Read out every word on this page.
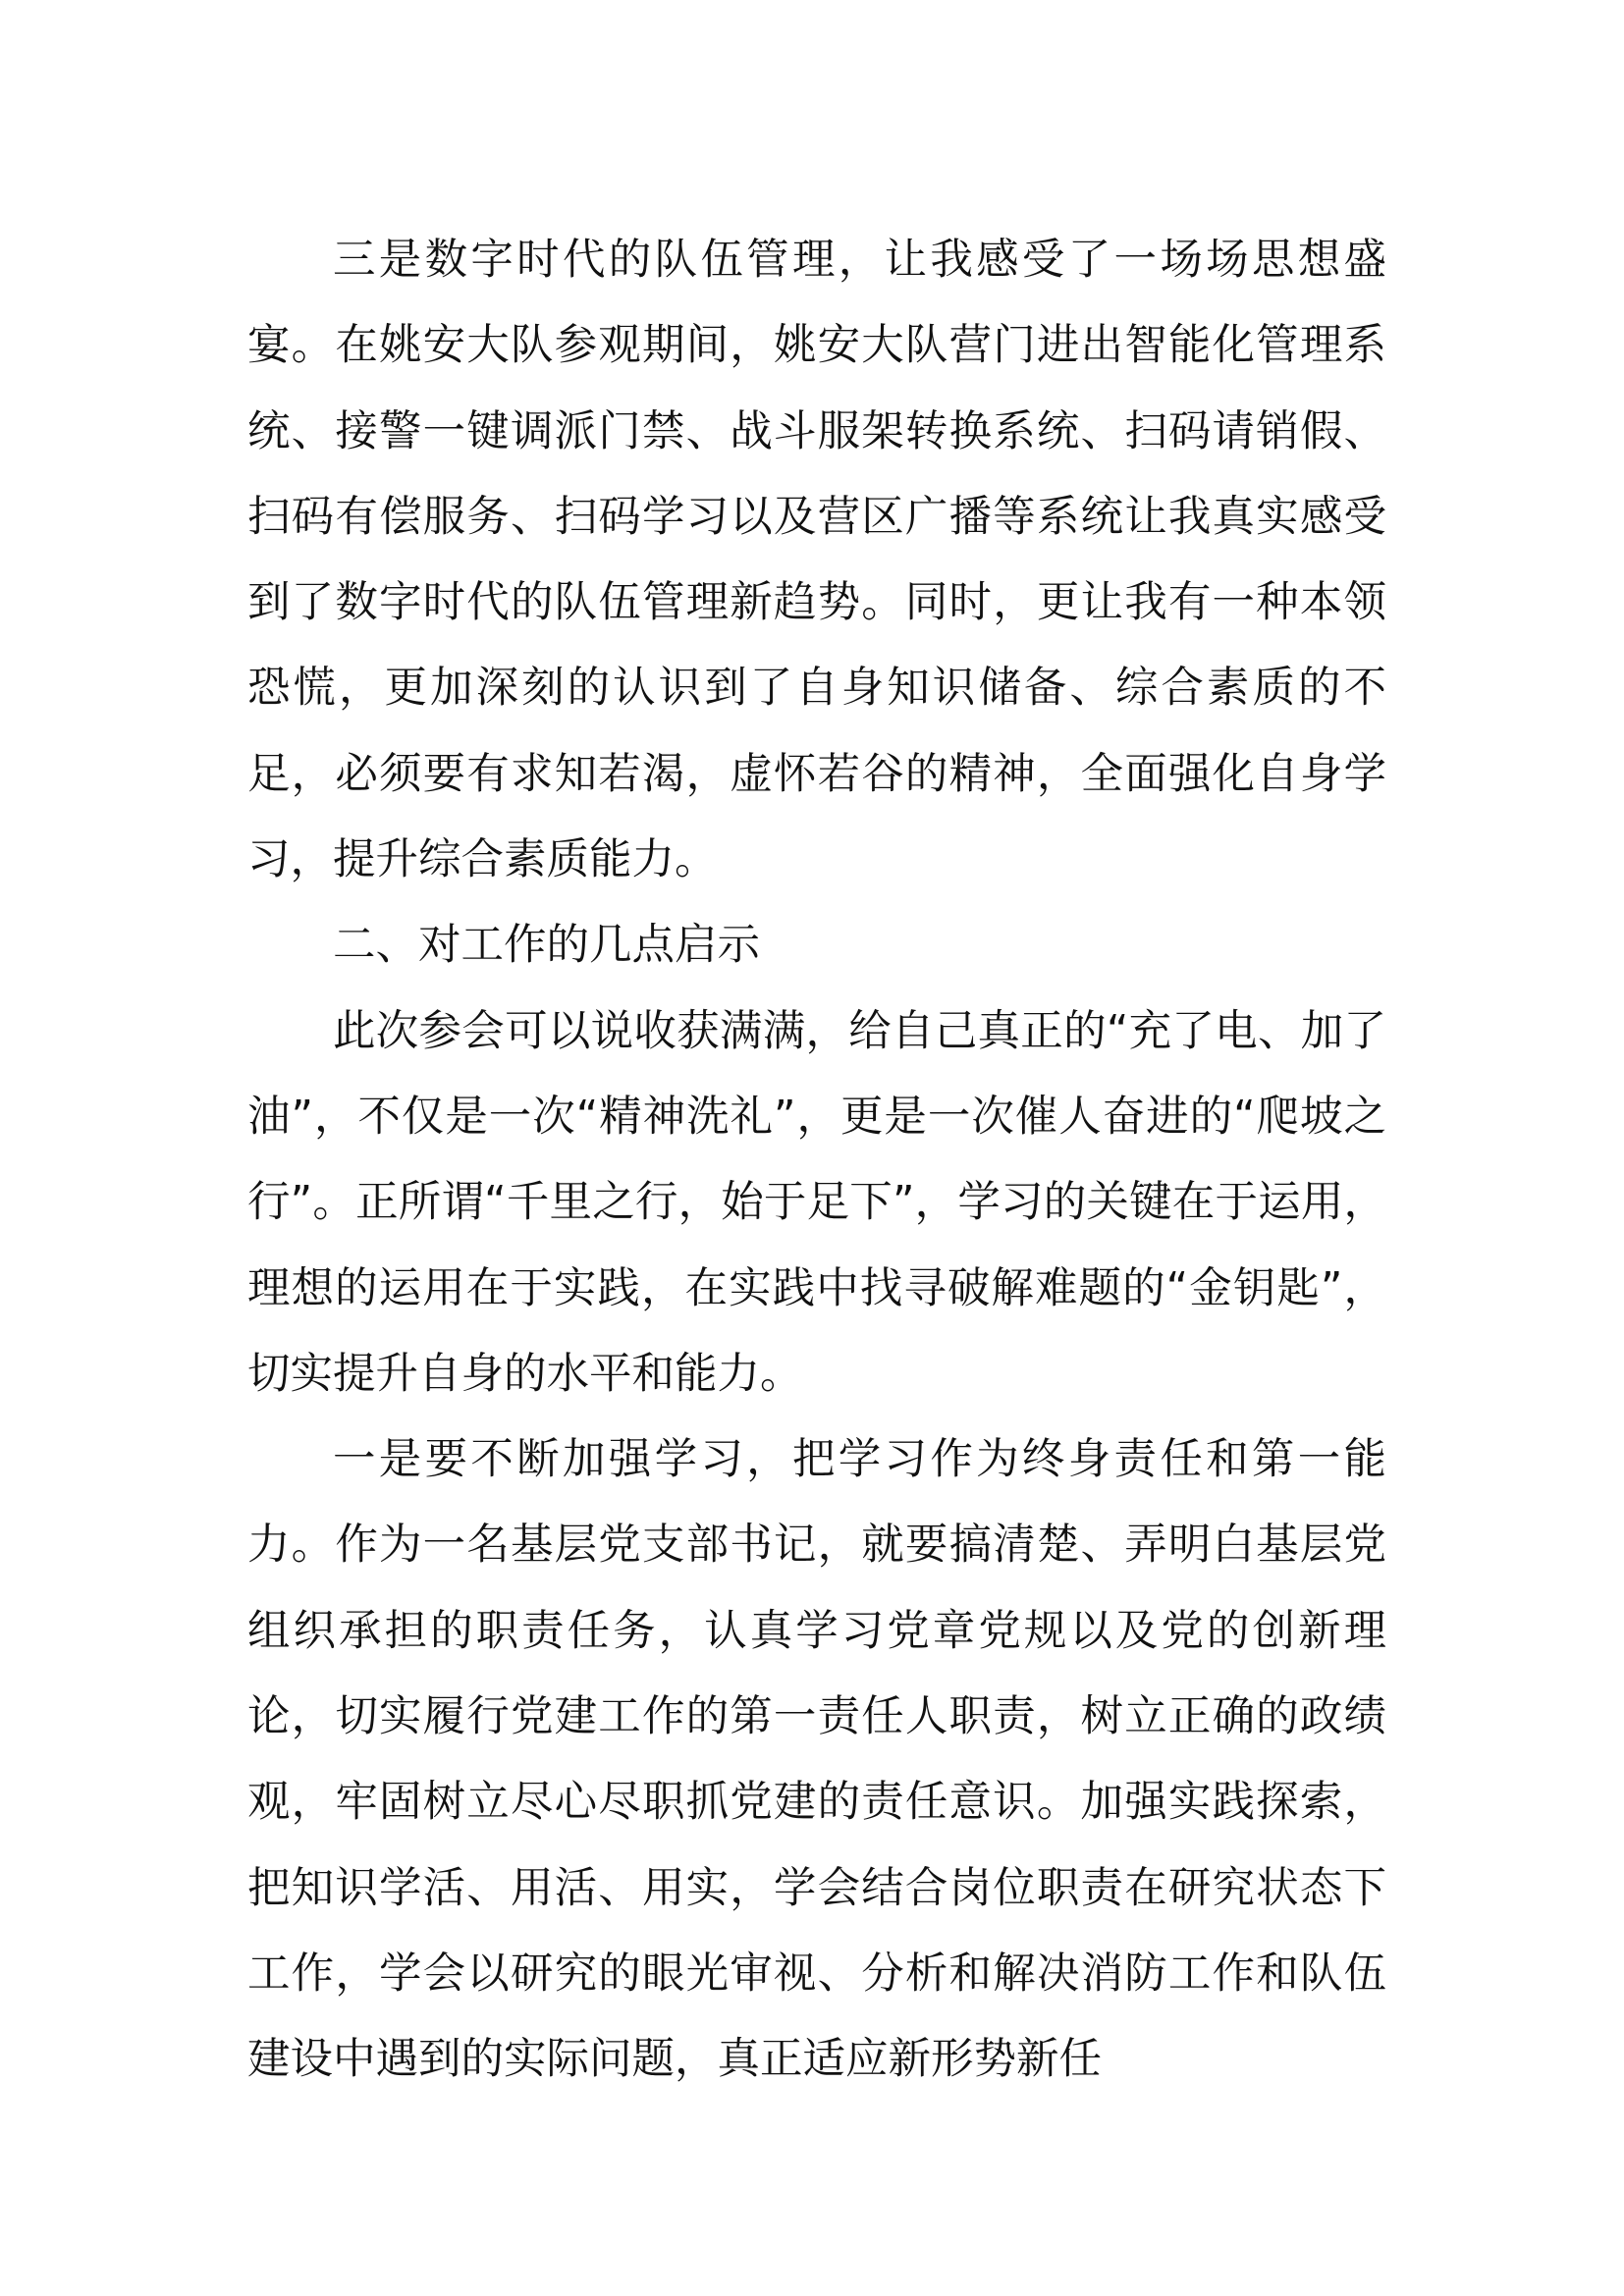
三是数字时代的队伍管理，让我感受了一场场思想盛宴。在姚安大队参观期间，姚安大队营门进出智能化管理系统、接警一键调派门禁、战斗服架转换系统、扫码请销假、扫码有偿服务、扫码学习以及营区广播等系统让我真实感受到了数字时代的队伍管理新趋势。同时，更让我有一种本领恐慌，更加深刻的认识到了自身知识储备、综合素质的不足，必须要有求知若渴，虚怀若谷的精神，全面强化自身学习，提升综合素质能力。

二、对工作的几点启示

此次参会可以说收获满满，给自己真正的“充了电、加了油”，不仅是一次“精神洗礼”，更是一次催人奋进的“爬坡之行”。正所谓“千里之行，始于足下”，学习的关键在于运用，理想的运用在于实践，在实践中找寻破解难题的“金钥匙”，切实提升自身的水平和能力。

一是要不断加强学习，把学习作为终身责任和第一能力。作为一名基层党支部书记，就要搞清楚、弄明白基层党组织承担的职责任务，认真学习党章党规以及党的创新理论，切实履行党建工作的第一责任人职责，树立正确的政绩观，牢固树立尽心尽职抓党建的责任意识。加强实践探索，把知识学活、用活、用实，学会结合岗位职责在研究状态下工作，学会以研究的眼光审视、分析和解决消防工作和队伍建设中遇到的实际问题，真正适应新形势新任
